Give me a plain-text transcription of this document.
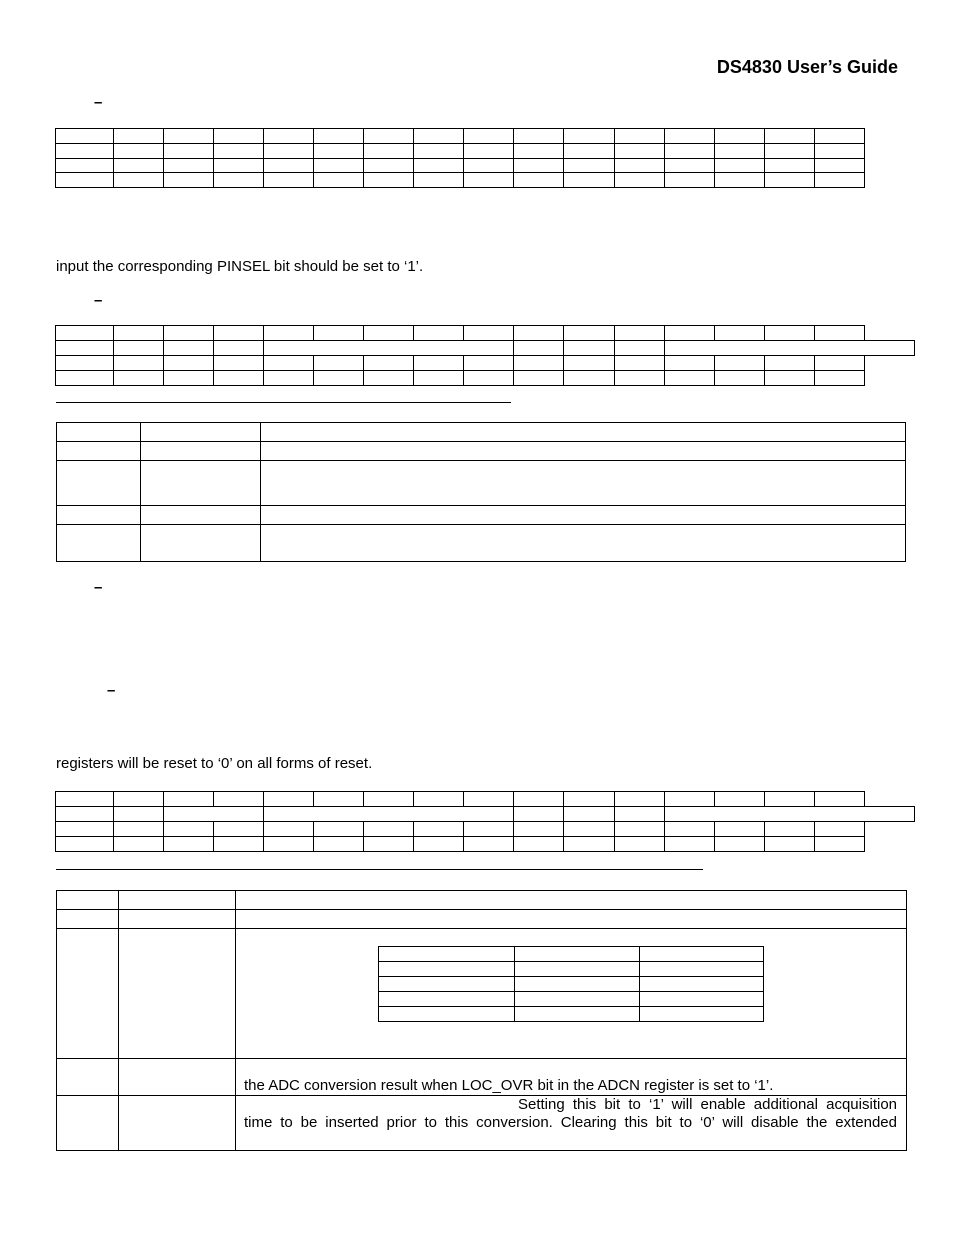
DS4830 User’s Guide
–

input the corresponding PINSEL bit should be set to ‘1’.
–

–
–
registers will be reset to ‘0’ on all forms of reset.

the ADC conversion result when LOC_OVR bit in the ADCN register is set to ‘1’.
Setting this bit to ‘1’ will enable additional acquisition
time to be inserted prior to this conversion. Clearing this bit to ‘0’ will disable the extended
